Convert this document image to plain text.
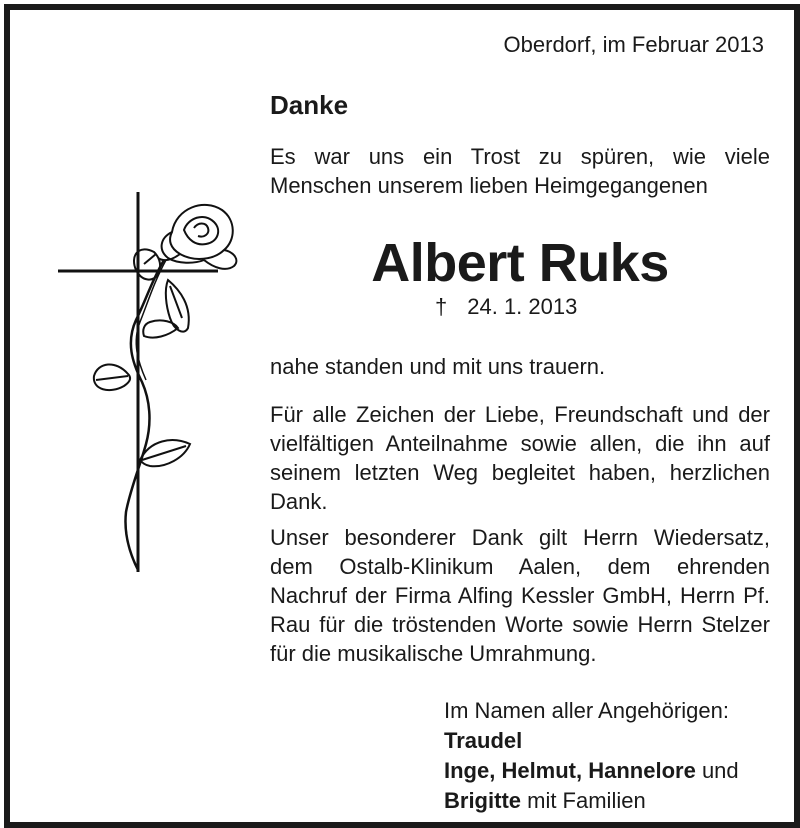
Oberdorf, im Februar 2013
Danke
Es war uns ein Trost zu spüren, wie viele Menschen unserem lieben Heimgegangenen
Albert Ruks
† 24. 1. 2013
nahe standen und mit uns trauern.
Für alle Zeichen der Liebe, Freundschaft und der vielfältigen Anteilnahme sowie allen, die ihn auf seinem letzten Weg begleitet haben, herzlichen Dank.
Unser besonderer Dank gilt Herrn Wiedersatz, dem Ostalb-Klinikum Aalen, dem ehrenden Nachruf der Firma Alfing Kessler GmbH, Herrn Pf. Rau für die tröstenden Worte sowie Herrn Stelzer für die musikalische Umrahmung.
Im Namen aller Angehörigen:
Traudel
Inge, Helmut, Hannelore und
Brigitte mit Familien
